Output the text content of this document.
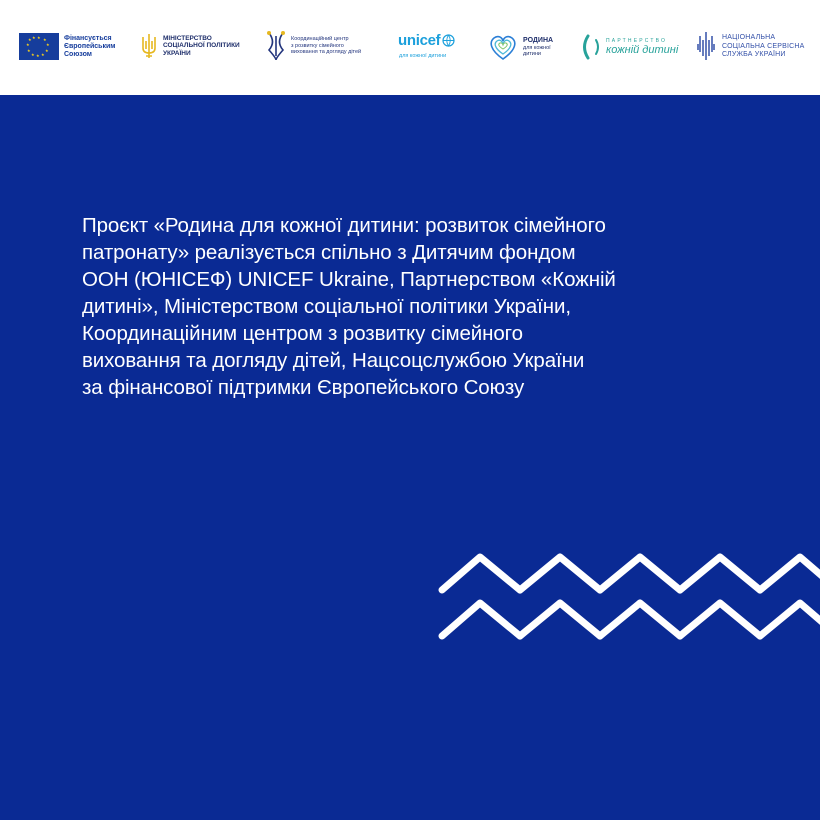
★ ★
★
★
★
★
★
★
★
★ ★	Фінансується
Європейським
Союзом
МІНІСТЕРСТВО
СОЦІАЛЬНОЇ ПОЛІТИКИ
УКРАЇНИ
Координаційний центр
з розвитку сімейного
виховання та догляду дітей
unicef
для кожної дитини
РОДИНА
для кожної
дитини
ПАРТНЕРСТВО
кожній дитині
НАЦІОНАЛЬНА
СОЦІАЛЬНА СЕРВІСНА
СЛУЖБА УКРАЇНИ
Проєкт «Родина для кожної дитини: розвиток сімейного
патронату» реалізується спільно з Дитячим фондом
ООН (ЮНІСЕФ) UNICEF Ukraine, Партнерством «Кожній
дитині», Міністерством соціальної політики України,
Координаційним центром з розвитку сімейного
виховання та догляду дітей, Нацсоцслужбою України
за фінансової підтримки Європейського Союзу
